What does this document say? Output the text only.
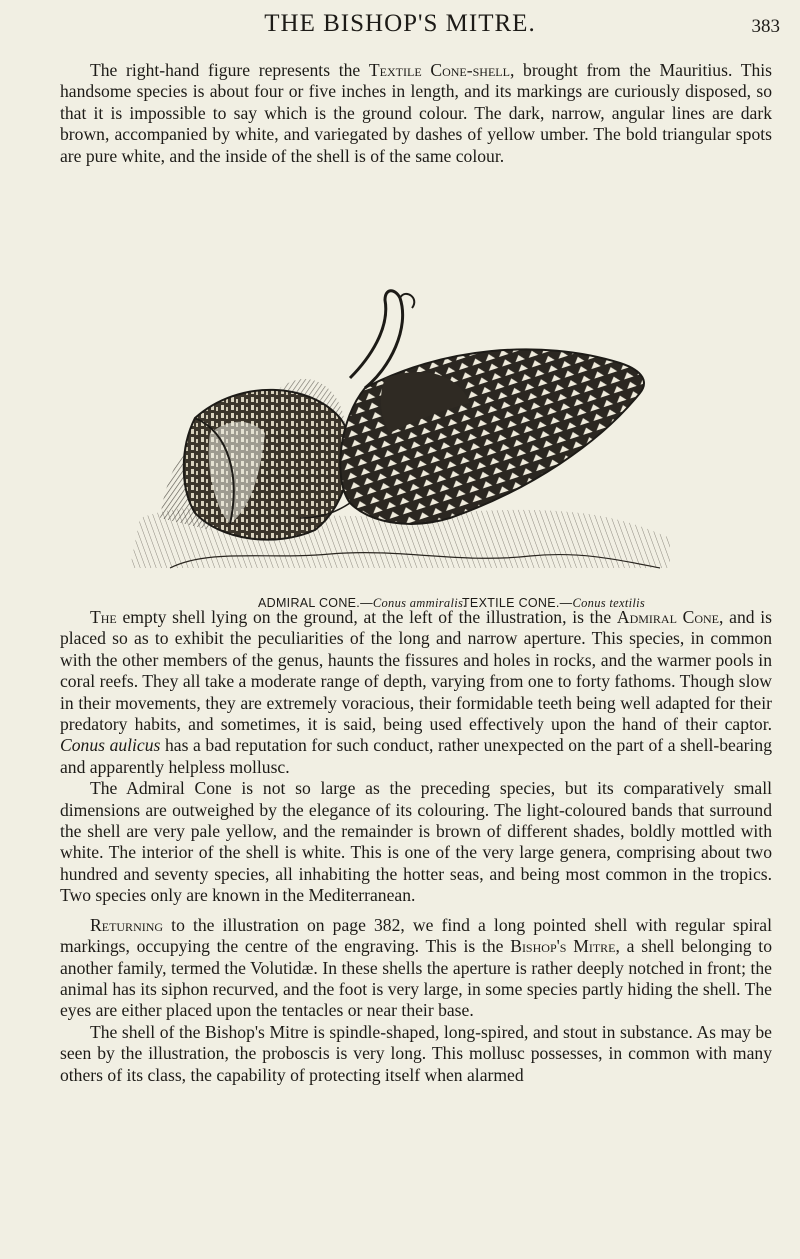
THE BISHOP'S MITRE.	383

The right-hand figure represents the Textile Cone-shell, brought from the Mauritius. This handsome species is about four or five inches in length, and its markings are curiously disposed, so that it is impossible to say which is the ground colour. The dark, narrow, angular lines are dark brown, accompanied by white, and variegated by dashes of yellow umber. The bold triangular spots are pure white, and the inside of the shell is of the same colour.

ADMIRAL CONE.—Conus ammiralis.
TEXTILE CONE.—Conus textilis

The empty shell lying on the ground, at the left of the illustration, is the Admiral Cone, and is placed so as to exhibit the peculiarities of the long and narrow aperture. This species, in common with the other members of the genus, haunts the fissures and holes in rocks, and the warmer pools in coral reefs. They all take a moderate range of depth, varying from one to forty fathoms. Though slow in their movements, they are extremely voracious, their formidable teeth being well adapted for their predatory habits, and sometimes, it is said, being used effectively upon the hand of their captor. Conus aulicus has a bad reputation for such conduct, rather unexpected on the part of a shell-bearing and apparently helpless mollusc.

The Admiral Cone is not so large as the preceding species, but its comparatively small dimensions are outweighed by the elegance of its colouring. The light-coloured bands that surround the shell are very pale yellow, and the remainder is brown of different shades, boldly mottled with white. The interior of the shell is white. This is one of the very large genera, comprising about two hundred and seventy species, all inhabiting the hotter seas, and being most common in the tropics. Two species only are known in the Mediterranean.

Returning to the illustration on page 382, we find a long pointed shell with regular spiral markings, occupying the centre of the engraving. This is the Bishop's Mitre, a shell belonging to another family, termed the Volutidæ. In these shells the aperture is rather deeply notched in front; the animal has its siphon recurved, and the foot is very large, in some species partly hiding the shell. The eyes are either placed upon the tentacles or near their base.

The shell of the Bishop's Mitre is spindle-shaped, long-spired, and stout in substance. As may be seen by the illustration, the proboscis is very long. This mollusc possesses, in common with many others of its class, the capability of protecting itself when alarmed
